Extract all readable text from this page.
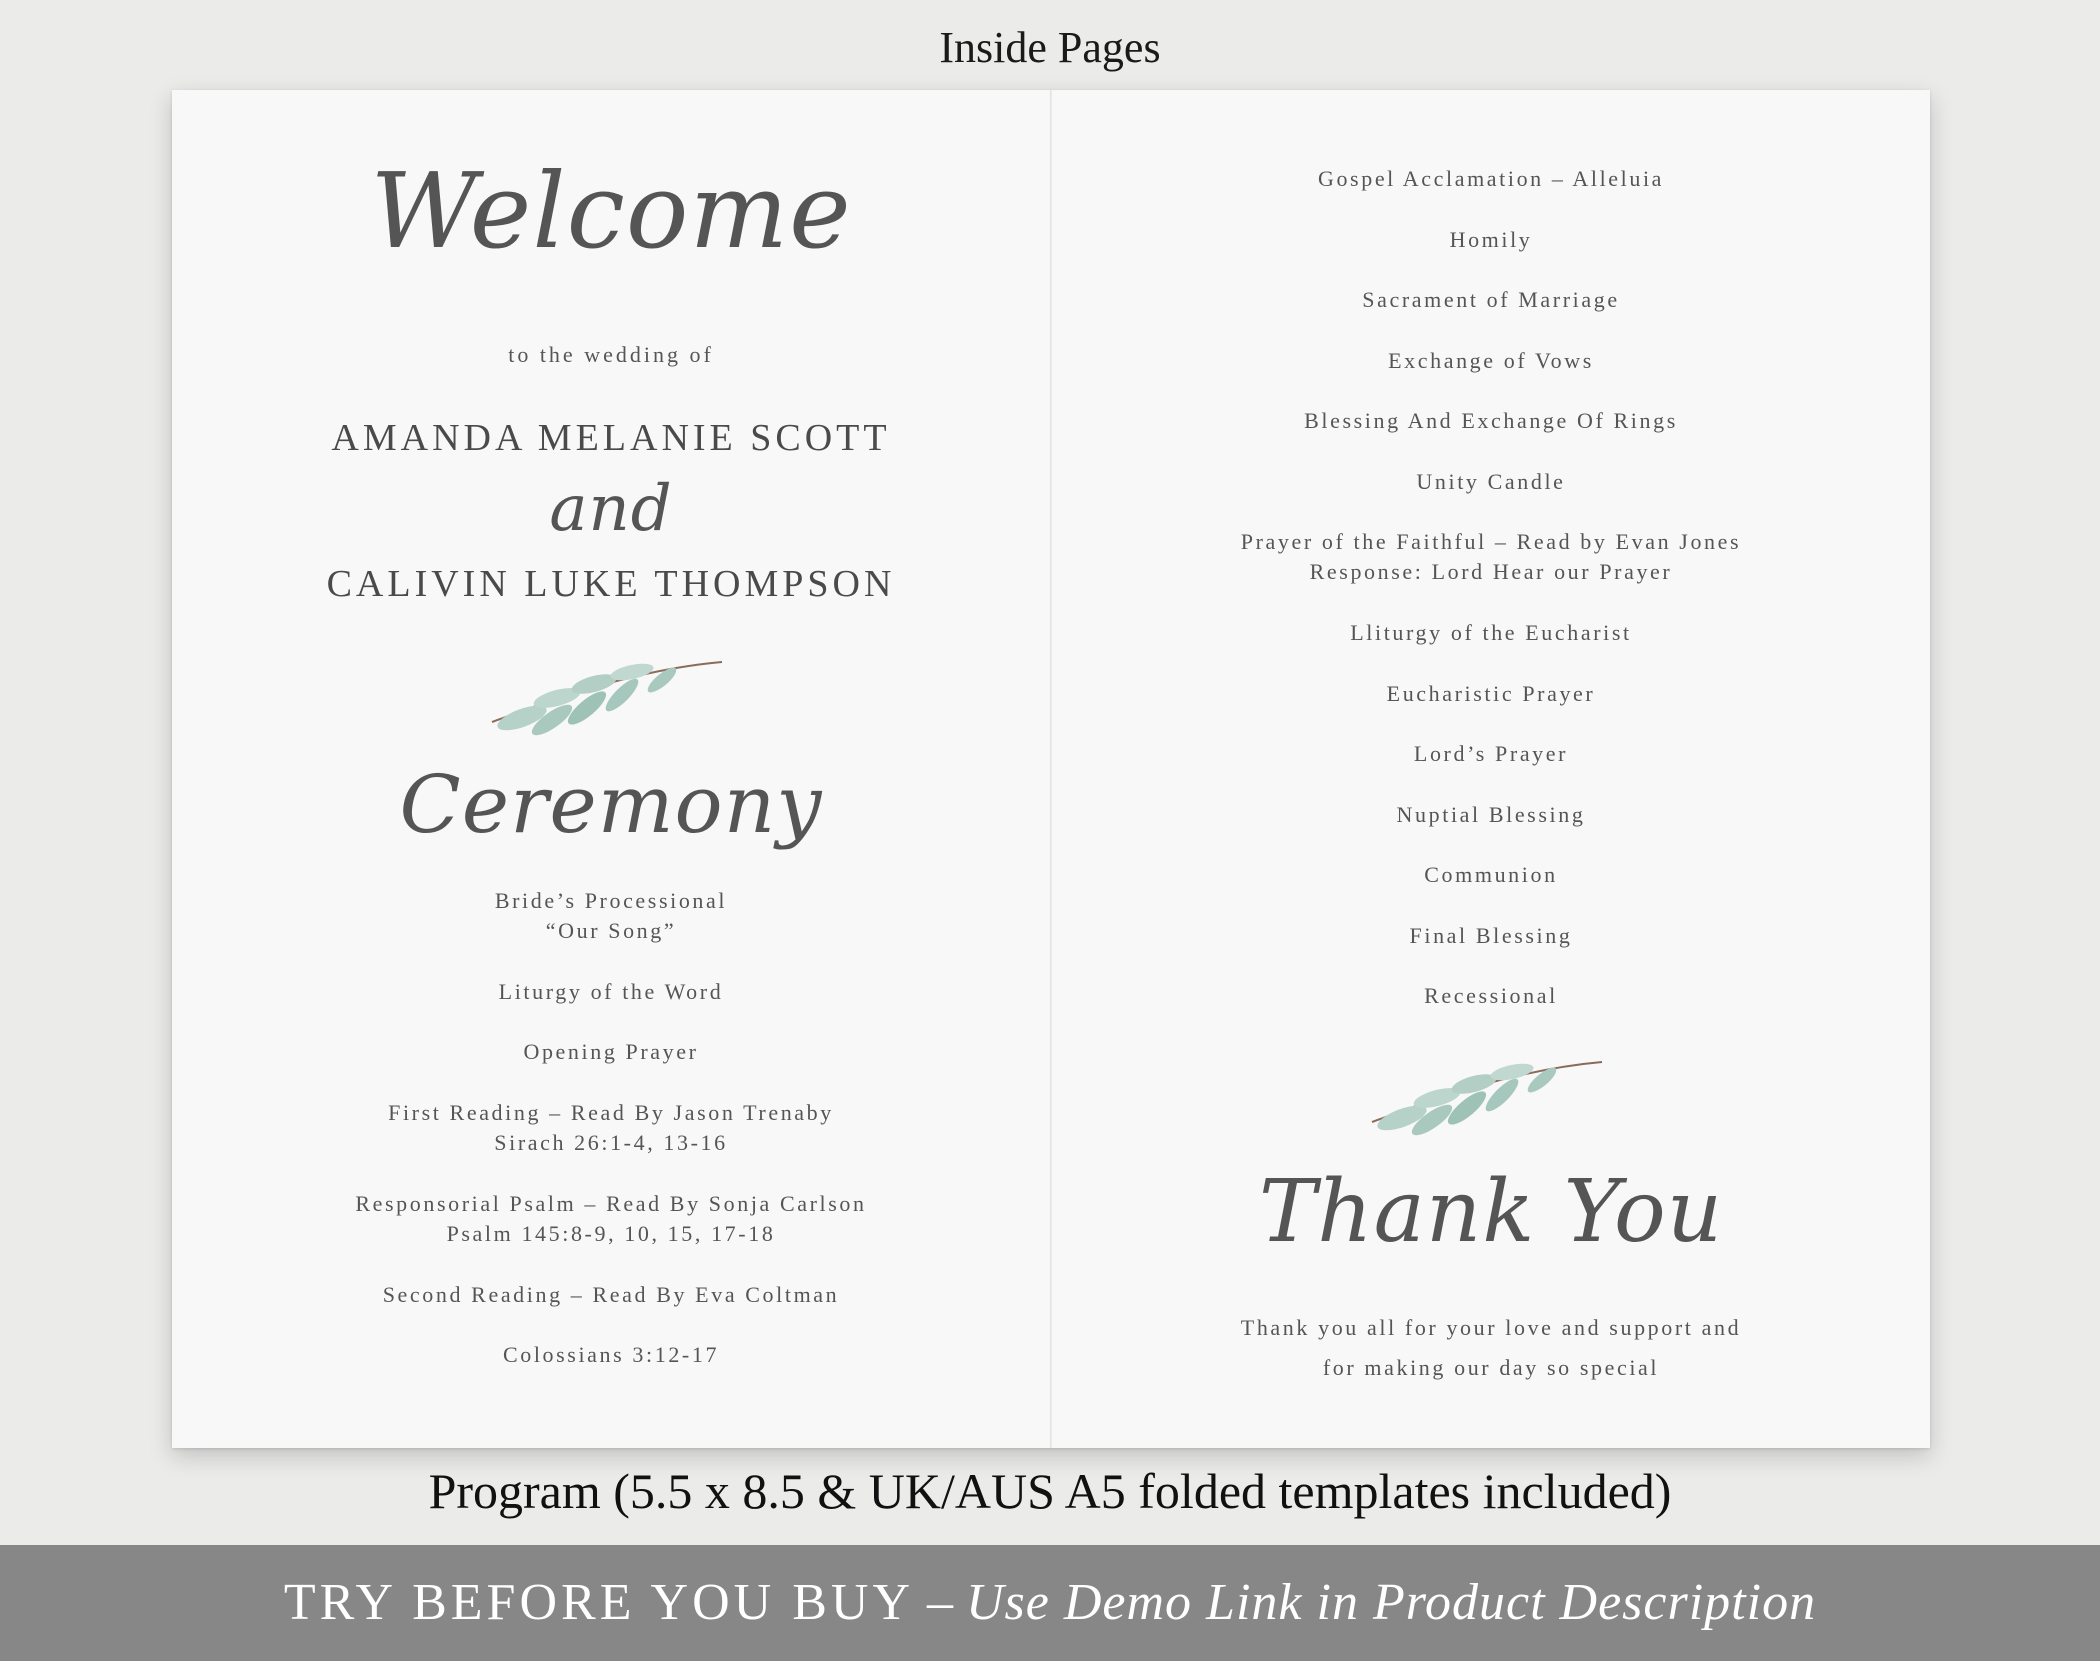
Inside Pages
Welcome
to the wedding of
AMANDA MELANIE SCOTT
and
CALIVIN LUKE THOMPSON
Ceremony
Bride’s Processional
“Our Song”
Liturgy of the Word
Opening Prayer
First Reading – Read By Jason Trenaby
Sirach 26:1-4, 13-16
Responsorial Psalm – Read By Sonja Carlson
Psalm 145:8-9, 10, 15, 17-18
Second Reading – Read By Eva Coltman
Colossians 3:12-17
Gospel Acclamation – Alleluia
Homily
Sacrament of Marriage
Exchange of Vows
Blessing And Exchange Of Rings
Unity Candle
Prayer of the Faithful – Read by Evan Jones
Response: Lord Hear our Prayer
Lliturgy of the Eucharist
Eucharistic Prayer
Lord’s Prayer
Nuptial Blessing
Communion
Final Blessing
Recessional
Thank You
Thank you all for your love and support and
for making our day so special
Program (5.5 x 8.5 & UK/AUS A5 folded templates included)
TRY BEFORE YOU BUY – Use Demo Link in Product Description
